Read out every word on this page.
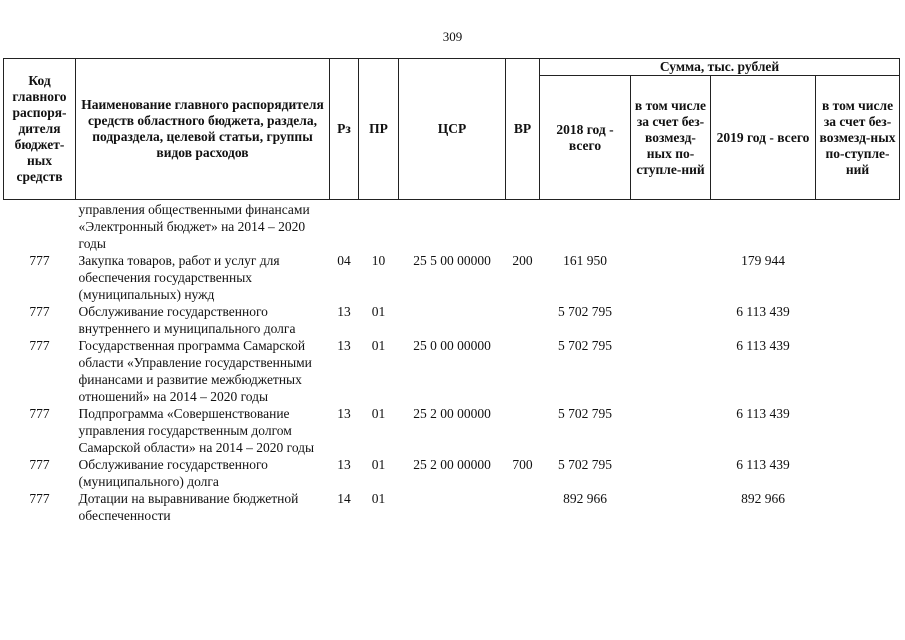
309
Код главного распоря-дителя бюджет-ных средств	Наименование главного распорядителя средств областного бюджета, раздела, подраздела, целевой статьи, группы видов расходов	Рз	ПР	ЦСР	ВР	Сумма, тыс. рублей			
						2018 год - всего	в том числе за счет без-возмезд-ных по-ступле-ний	2019 год - всего	в том числе за счет без-возмезд-ных по-ступле-ний
	управления общественными финансами «Электронный бюджет» на 2014 – 2020 годы								
777	Закупка товаров, работ и услуг для обеспечения государственных (муниципальных) нужд	04	10	25 5 00 00000	200	161 950		179 944	
777	Обслуживание государственного внутреннего и муниципального долга	13	01			5 702 795		6 113 439	
777	Государственная программа Самарской области «Управление государственными финансами и развитие межбюджетных отношений» на 2014 – 2020 годы	13	01	25 0 00 00000		5 702 795		6 113 439	
777	Подпрограмма «Совершенствование управления государственным долгом Самарской области» на 2014 – 2020 годы	13	01	25 2 00 00000		5 702 795		6 113 439	
777	Обслуживание государственного (муниципального) долга	13	01	25 2 00 00000	700	5 702 795		6 113 439	
777	Дотации на выравнивание бюджетной обеспеченности	14	01			892 966		892 966	
